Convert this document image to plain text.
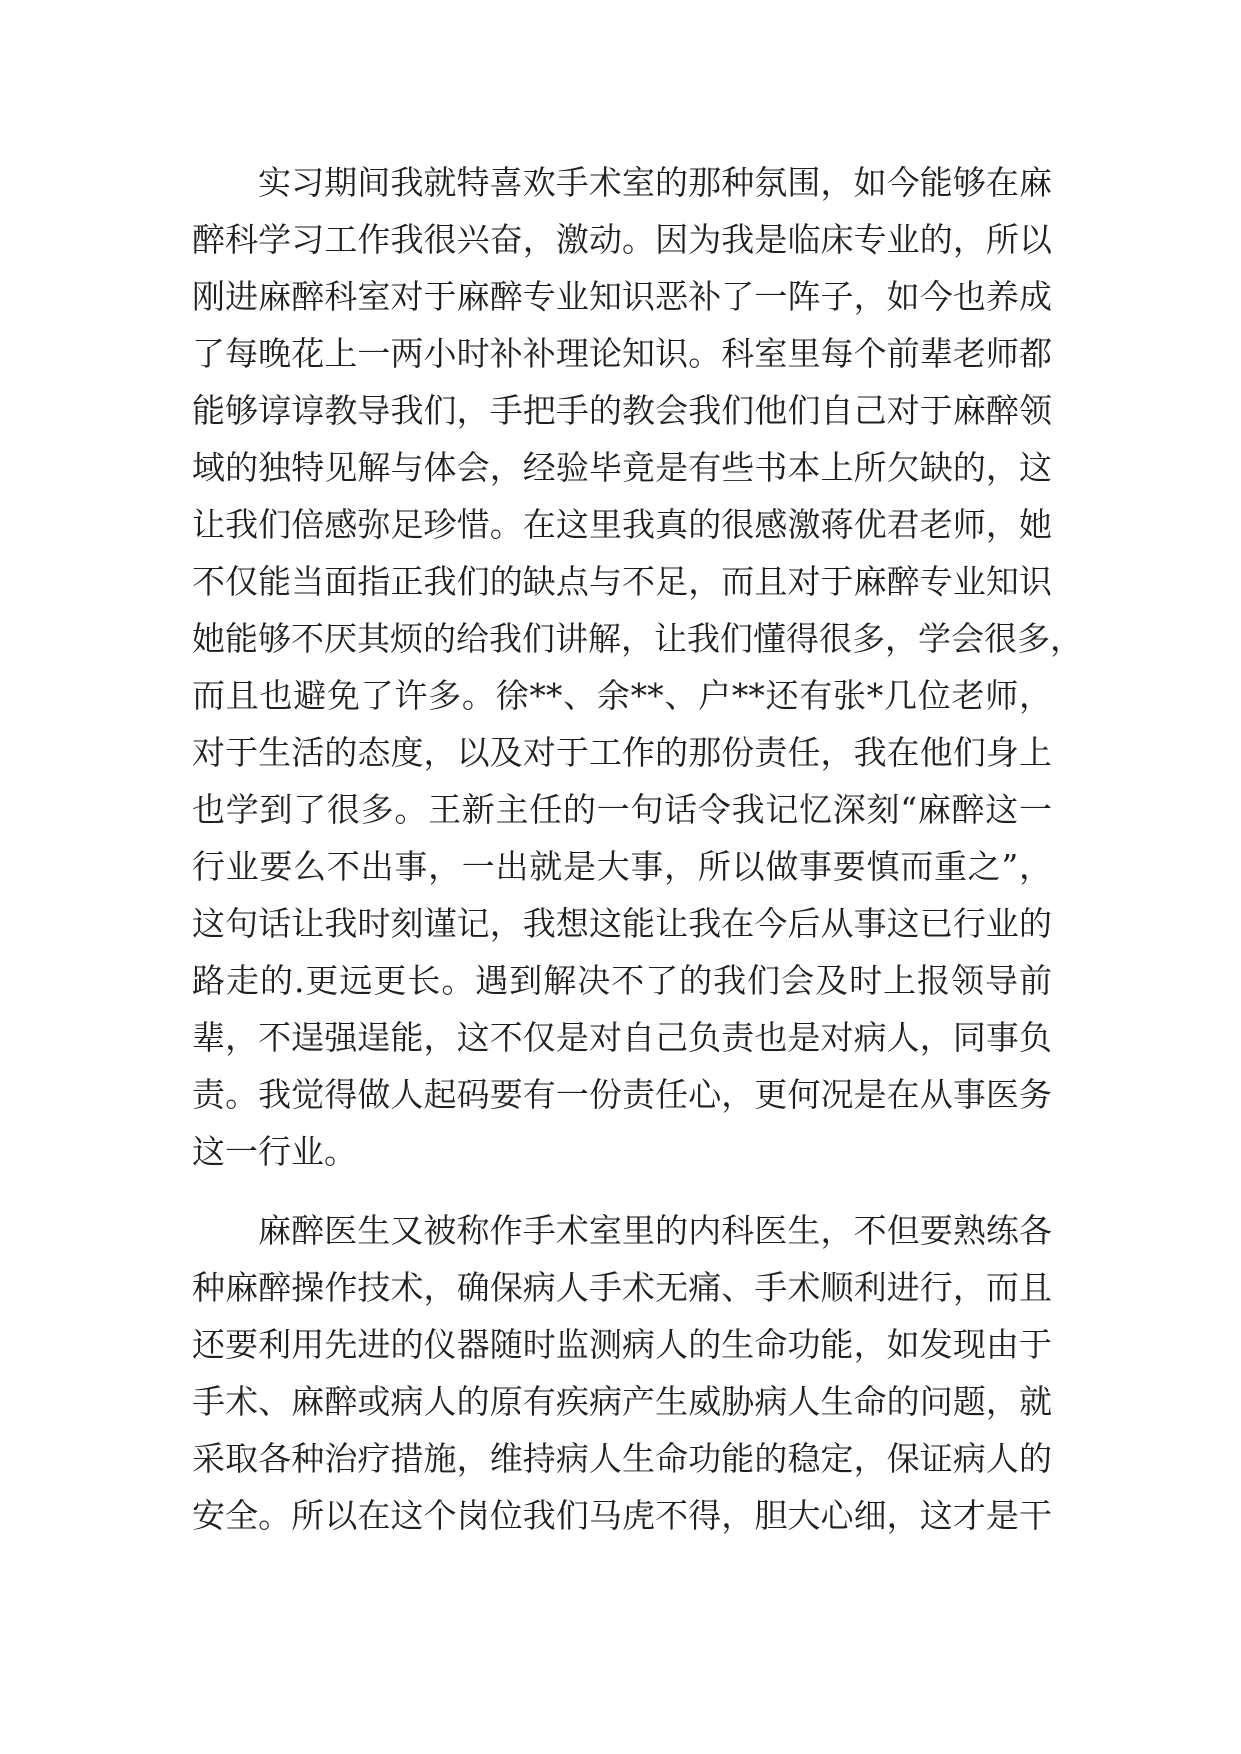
实习期间我就特喜欢手术室的那种氛围，如今能够在麻
醉科学习工作我很兴奋，激动。因为我是临床专业的，所以
刚进麻醉科室对于麻醉专业知识恶补了一阵子，如今也养成
了每晚花上一两小时补补理论知识。科室里每个前辈老师都
能够谆谆教导我们，手把手的教会我们他们自己对于麻醉领
域的独特见解与体会，经验毕竟是有些书本上所欠缺的，这
让我们倍感弥足珍惜。在这里我真的很感激蒋优君老师，她
不仅能当面指正我们的缺点与不足，而且对于麻醉专业知识
她能够不厌其烦的给我们讲解，让我们懂得很多，学会很多，
而且也避免了许多。徐**、余**、户**还有张*几位老师，
对于生活的态度，以及对于工作的那份责任，我在他们身上
也学到了很多。王新主任的一句话令我记忆深刻“麻醉这一
行业要么不出事，一出就是大事，所以做事要慎而重之”，
这句话让我时刻谨记，我想这能让我在今后从事这已行业的
路走的.更远更长。遇到解决不了的我们会及时上报领导前
辈，不逞强逞能，这不仅是对自己负责也是对病人，同事负
责。我觉得做人起码要有一份责任心，更何况是在从事医务
这一行业。
麻醉医生又被称作手术室里的内科医生，不但要熟练各
种麻醉操作技术，确保病人手术无痛、手术顺利进行，而且
还要利用先进的仪器随时监测病人的生命功能，如发现由于
手术、麻醉或病人的原有疾病产生威胁病人生命的问题，就
采取各种治疗措施，维持病人生命功能的稳定，保证病人的
安全。所以在这个岗位我们马虎不得，胆大心细，这才是干
